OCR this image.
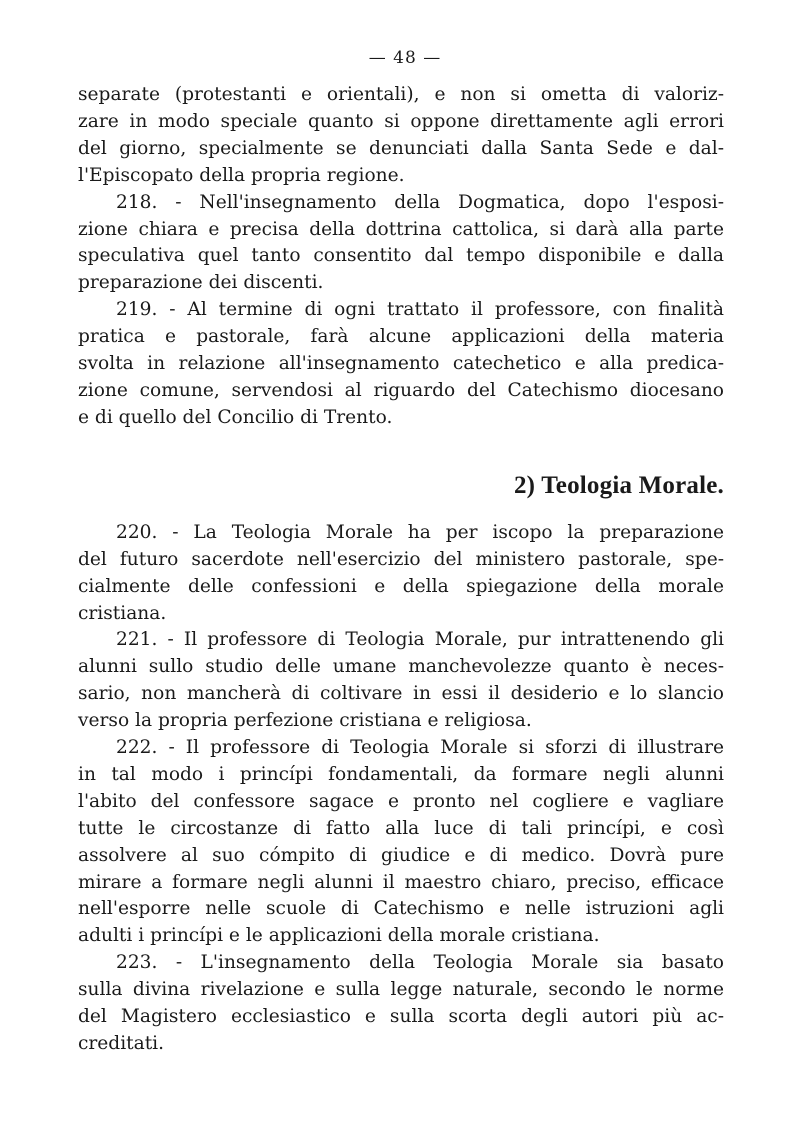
— 48 —
separate (protestanti e orientali), e non si ometta di valoriz-
zare in modo speciale quanto si oppone direttamente agli errori
del giorno, specialmente se denunciati dalla Santa Sede e dal-
l'Episcopato della propria regione.
218. - Nell'insegnamento della Dogmatica, dopo l'esposi-
zione chiara e precisa della dottrina cattolica, si darà alla parte
speculativa quel tanto consentito dal tempo disponibile e dalla
preparazione dei discenti.
219. - Al termine di ogni trattato il professore, con finalità
pratica e pastorale, farà alcune applicazioni della materia
svolta in relazione all'insegnamento catechetico e alla predica-
zione comune, servendosi al riguardo del Catechismo diocesano
e di quello del Concilio di Trento.
2) Teologia Morale.
220. - La Teologia Morale ha per iscopo la preparazione
del futuro sacerdote nell'esercizio del ministero pastorale, spe-
cialmente delle confessioni e della spiegazione della morale
cristiana.
221. - Il professore di Teologia Morale, pur intrattenendo gli
alunni sullo studio delle umane manchevolezze quanto è neces-
sario, non mancherà di coltivare in essi il desiderio e lo slancio
verso la propria perfezione cristiana e religiosa.
222. - Il professore di Teologia Morale si sforzi di illustrare
in tal modo i princípi fondamentali, da formare negli alunni
l'abito del confessore sagace e pronto nel cogliere e vagliare
tutte le circostanze di fatto alla luce di tali princípi, e così
assolvere al suo cómpito di giudice e di medico. Dovrà pure
mirare a formare negli alunni il maestro chiaro, preciso, efficace
nell'esporre nelle scuole di Catechismo e nelle istruzioni agli
adulti i princípi e le applicazioni della morale cristiana.
223. - L'insegnamento della Teologia Morale sia basato
sulla divina rivelazione e sulla legge naturale, secondo le norme
del Magistero ecclesiastico e sulla scorta degli autori più ac-
creditati.
